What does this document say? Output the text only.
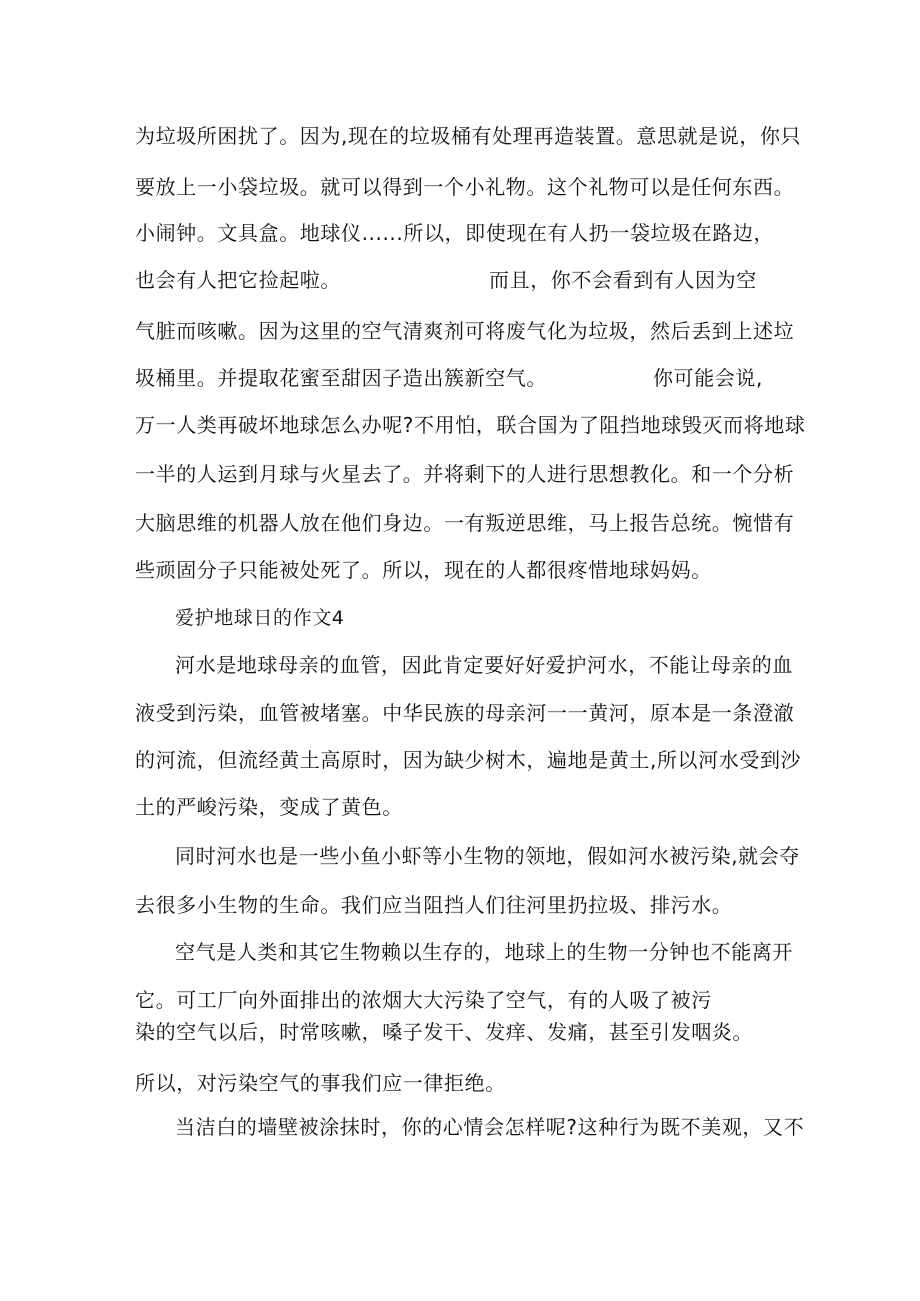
为垃圾所困扰了。因为,现在的垃圾桶有处理再造装置。意思就是说，你只

要放上一小袋垃圾。就可以得到一个小礼物。这个礼物可以是任何东西。

小闹钟。文具盒。地球仪......所以，即使现在有人扔一袋垃圾在路边，

也会有人把它捡起啦。	而且，你不会看到有人因为空

气脏而咳嗽。因为这里的空气清爽剂可将废气化为垃圾，然后丢到上述垃

圾桶里。并提取花蜜至甜因子造出簇新空气。	你可能会说,

万一人类再破坏地球怎么办呢?不用怕，联合国为了阻挡地球毁灭而将地球

一半的人运到月球与火星去了。并将剩下的人进行思想教化。和一个分析

大脑思维的机器人放在他们身边。一有叛逆思维，马上报告总统。惋惜有

些顽固分子只能被处死了。所以，现在的人都很疼惜地球妈妈。

爱护地球日的作文4

河水是地球母亲的血管，因此肯定要好好爱护河水，不能让母亲的血

液受到污染，血管被堵塞。中华民族的母亲河一一黄河，原本是一条澄澈

的河流，但流经黄土高原时，因为缺少树木，遍地是黄土,所以河水受到沙

土的严峻污染，变成了黄色。

同时河水也是一些小鱼小虾等小生物的领地，假如河水被污染,就会夺

去很多小生物的生命。我们应当阻挡人们往河里扔拉圾、排污水。

空气是人类和其它生物赖以生存的，地球上的生物一分钟也不能离开

它。可工厂向外面排出的浓烟大大污染了空气，有的人吸了被污

染的空气以后，时常咳嗽，嗓子发干、发痒、发痛，甚至引发咽炎。

所以，对污染空气的事我们应一律拒绝。

当洁白的墙壁被涂抹时，你的心情会怎样呢?这种行为既不美观，又不
